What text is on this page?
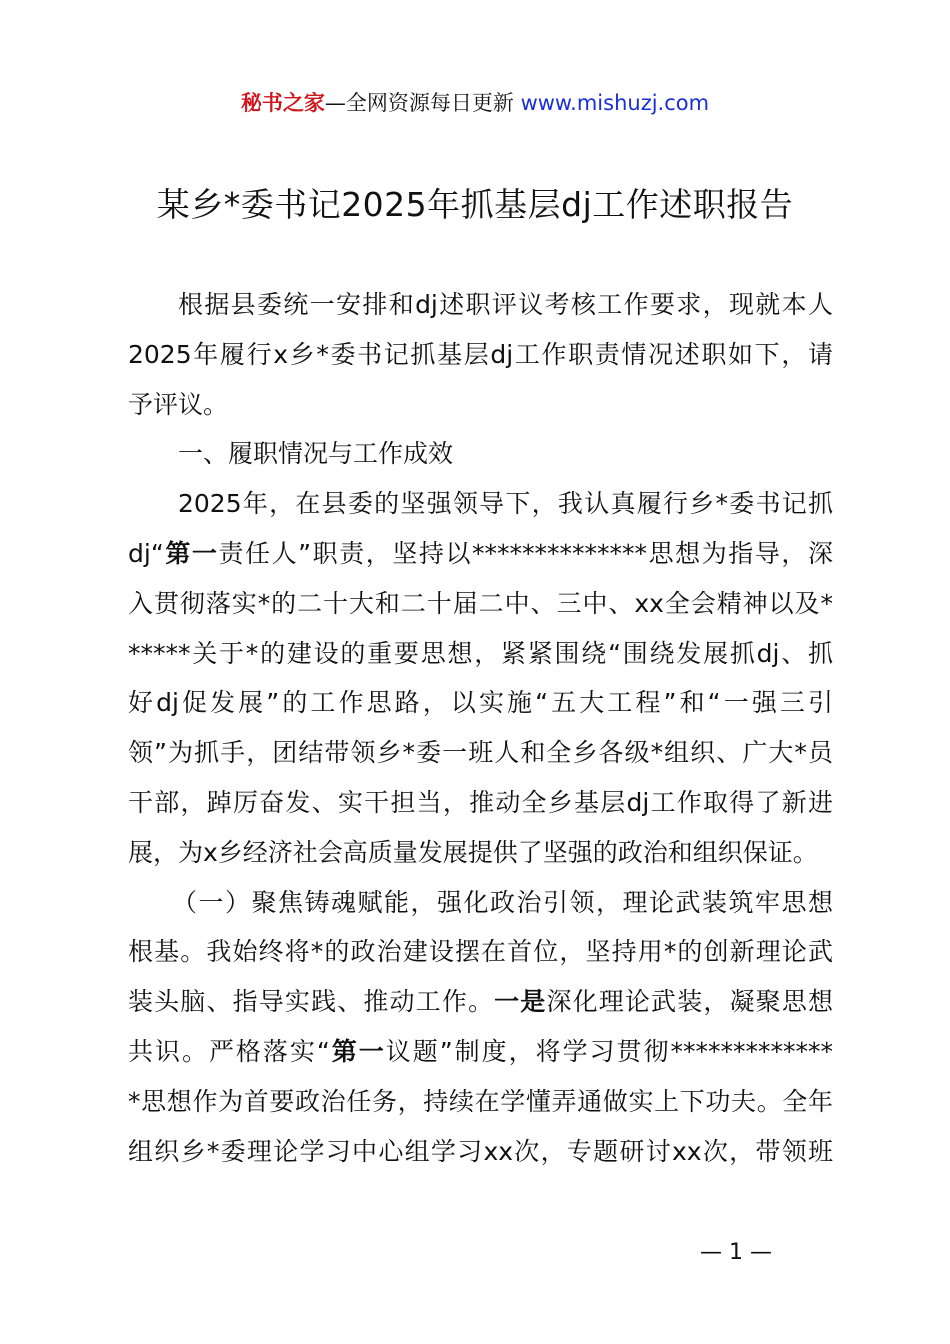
秘书之家—全网资源每日更新 www.mishuzj.com
某乡*委书记2025年抓基层dj工作述职报告
根据县委统一安排和dj述职评议考核工作要求，现就本人
2025年履行x乡*委书记抓基层dj工作职责情况述职如下，请
予评议。
一、履职情况与工作成效
2025年，在县委的坚强领导下，我认真履行乡*委书记抓
dj“第一责任人”职责，坚持以**************思想为指导，深
入贯彻落实*的二十大和二十届二中、三中、xx全会精神以及*
*****关于*的建设的重要思想，紧紧围绕“围绕发展抓dj、抓
好dj促发展”的工作思路，以实施“五大工程”和“一强三引
领”为抓手，团结带领乡*委一班人和全乡各级*组织、广大*员
干部，踔厉奋发、实干担当，推动全乡基层dj工作取得了新进
展，为x乡经济社会高质量发展提供了坚强的政治和组织保证。
（一）聚焦铸魂赋能，强化政治引领，理论武装筑牢思想
根基。我始终将*的政治建设摆在首位，坚持用*的创新理论武
装头脑、指导实践、推动工作。一是深化理论武装，凝聚思想
共识。严格落实“第一议题”制度，将学习贯彻*************
*思想作为首要政治任务，持续在学懂弄通做实上下功夫。全年
组织乡*委理论学习中心组学习xx次，专题研讨xx次，带领班
— 1 —
